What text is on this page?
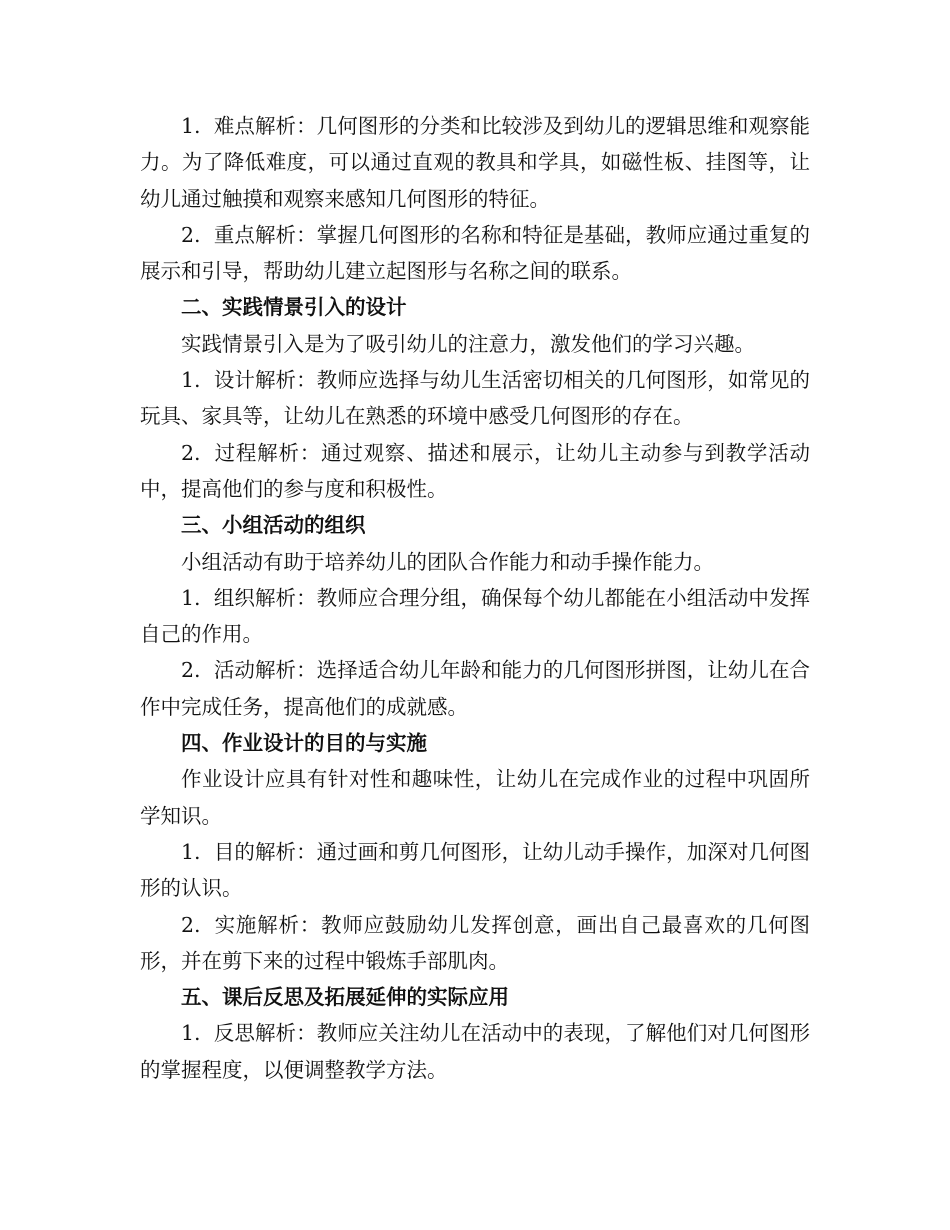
1. 难点解析：几何图形的分类和比较涉及到幼儿的逻辑思维和观察能力。为了降低难度，可以通过直观的教具和学具，如磁性板、挂图等，让幼儿通过触摸和观察来感知几何图形的特征。

2. 重点解析：掌握几何图形的名称和特征是基础，教师应通过重复的展示和引导，帮助幼儿建立起图形与名称之间的联系。

二、实践情景引入的设计

实践情景引入是为了吸引幼儿的注意力，激发他们的学习兴趣。

1. 设计解析：教师应选择与幼儿生活密切相关的几何图形，如常见的玩具、家具等，让幼儿在熟悉的环境中感受几何图形的存在。

2. 过程解析：通过观察、描述和展示，让幼儿主动参与到教学活动中，提高他们的参与度和积极性。

三、小组活动的组织

小组活动有助于培养幼儿的团队合作能力和动手操作能力。

1. 组织解析：教师应合理分组，确保每个幼儿都能在小组活动中发挥自己的作用。

2. 活动解析：选择适合幼儿年龄和能力的几何图形拼图，让幼儿在合作中完成任务，提高他们的成就感。

四、作业设计的目的与实施

作业设计应具有针对性和趣味性，让幼儿在完成作业的过程中巩固所学知识。

1. 目的解析：通过画和剪几何图形，让幼儿动手操作，加深对几何图形的认识。

2. 实施解析：教师应鼓励幼儿发挥创意，画出自己最喜欢的几何图形，并在剪下来的过程中锻炼手部肌肉。

五、课后反思及拓展延伸的实际应用

1. 反思解析：教师应关注幼儿在活动中的表现，了解他们对几何图形的掌握程度，以便调整教学方法。
